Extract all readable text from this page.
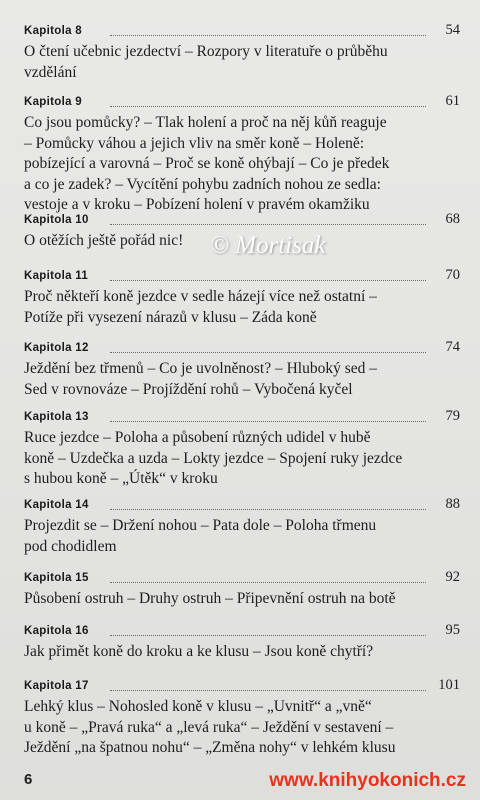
Kapitola 8	54
O čtení učebnic jezdectví – Rozpory v literatuře o průběhu
vzdělání
Kapitola 9	61
Co jsou pomůcky? – Tlak holení a proč na něj kůň reaguje
– Pomůcky váhou a jejich vliv na směr koně – Holeně:
pobízející a varovná – Proč se koně ohýbají – Co je předek
a co je zadek? – Vycítění pohybu zadních nohou ze sedla:
vestoje a v kroku – Pobízení holení v pravém okamžiku
Kapitola 10	68
O otěžích ještě pořád nic!
Kapitola 11	70
Proč někteří koně jezdce v sedle házejí více než ostatní –
Potíže při vysezení nárazů v klusu – Záda koně
Kapitola 12	74
Ježdění bez třmenů – Co je uvolněnost? – Hluboký sed –
Sed v rovnováze – Projíždění rohů – Vybočená kyčel
Kapitola 13	79
Ruce jezdce – Poloha a působení různých udidel v hubě
koně – Uzdečka a uzda – Lokty jezdce – Spojení ruky jezdce
s hubou koně – „Útěk“ v kroku
Kapitola 14	88
Projezdit se – Držení nohou – Pata dole – Poloha třmenu
pod chodidlem
Kapitola 15	92
Působení ostruh – Druhy ostruh – Připevnění ostruh na botě
Kapitola 16	95
Jak přimět koně do kroku a ke klusu – Jsou koně chytří?
Kapitola 17	101
Lehký klus – Nohosled koně v klusu – „Uvnitř“ a „vně“
u koně – „Pravá ruka“ a „levá ruka“ – Ježdění v sestavení –
Ježdění „na špatnou nohu“ – „Změna nohy“ v lehkém klusu
© Mortisak
6	www.knihyokonich.cz
